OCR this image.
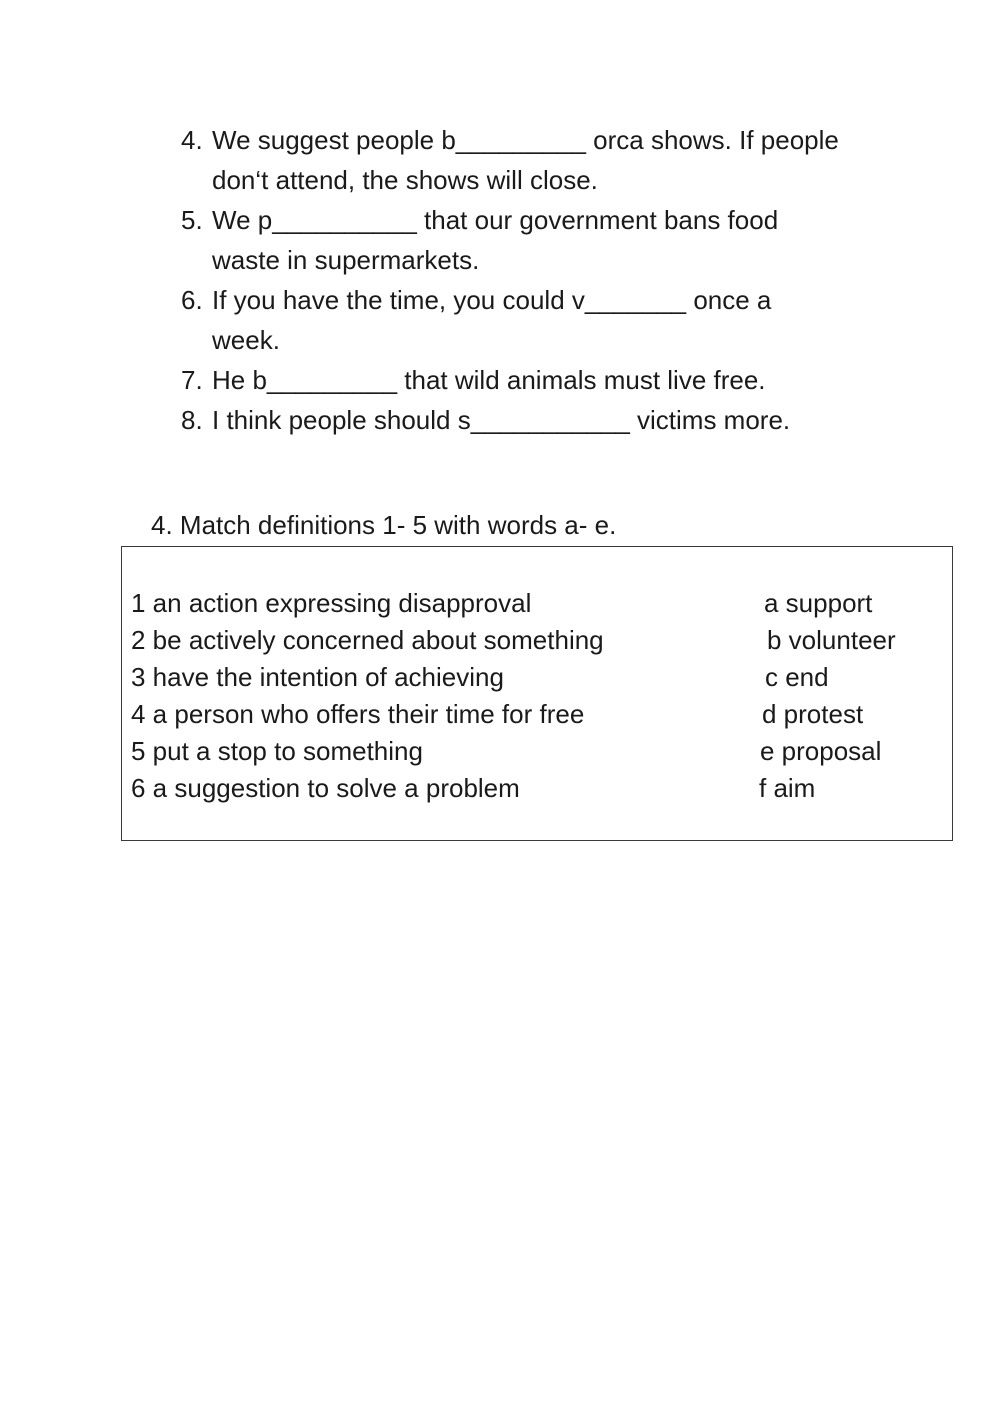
4. We suggest people b_________ orca shows. If people
don‘t attend, the shows will close.
5. We p__________ that our government bans food
waste in supermarkets.
6. If you have the time, you could v_______ once a
week.
7. He b_________ that wild animals must live free.
8. I think people should s___________ victims more.
4. Match definitions 1- 5 with words a- e.
1 an action expressing disapproval	a support
2 be actively concerned about something	b volunteer
3 have the intention of achieving	c end
4 a person who offers their time for free	d protest
5 put a stop to something	e proposal
6 a suggestion to solve a problem	f aim
